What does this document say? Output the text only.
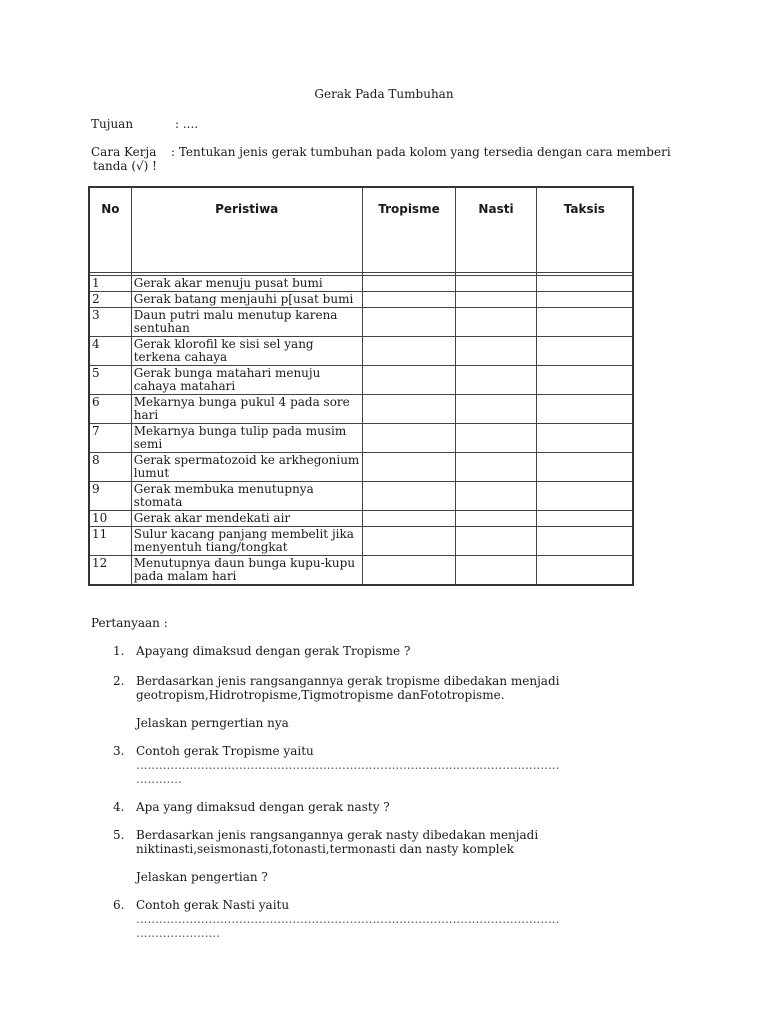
Gerak Pada Tumbuhan
Tujuan	: ....
Cara Kerja : Tentukan jenis gerak tumbuhan pada kolom yang tersedia dengan cara memberi
tanda (√) !
No	Peristiwa	Tropisme	Nasti	Taksis

1	Gerak akar menuju pusat bumi			
2	Gerak batang menjauhi p[usat bumi			
3	Daun putri malu menutup karena sentuhan			
4	Gerak klorofil ke sisi sel yang terkena cahaya			
5	Gerak bunga matahari menuju cahaya matahari			
6	Mekarnya bunga pukul 4 pada sore hari			
7	Mekarnya bunga tulip pada musim semi			
8	Gerak spermatozoid ke arkhegonium lumut			
9	Gerak membuka menutupnya stomata			
10	Gerak akar mendekati air			
11	Sulur kacang panjang membelit jika menyentuh tiang/tongkat			
12	Menutupnya daun bunga kupu-kupu pada malam hari			
Pertanyaan :
1. Apayang dimaksud dengan gerak Tropisme ?
2. Berdasarkan jenis rangsangannya gerak tropisme dibedakan menjadi
geotropism,Hidrotropisme,Tigmotropisme danFototropisme.
Jelaskan perngertian nya
3. Contoh gerak Tropisme yaitu
...............................................................................................................
............
4. Apa yang dimaksud dengan gerak nasty ?
5. Berdasarkan jenis rangsangannya gerak nasty dibedakan menjadi
niktinasti,seismonasti,fotonasti,termonasti dan nasty komplek
Jelaskan pengertian ?
6. Contoh gerak Nasti yaitu
...............................................................................................................
......................
